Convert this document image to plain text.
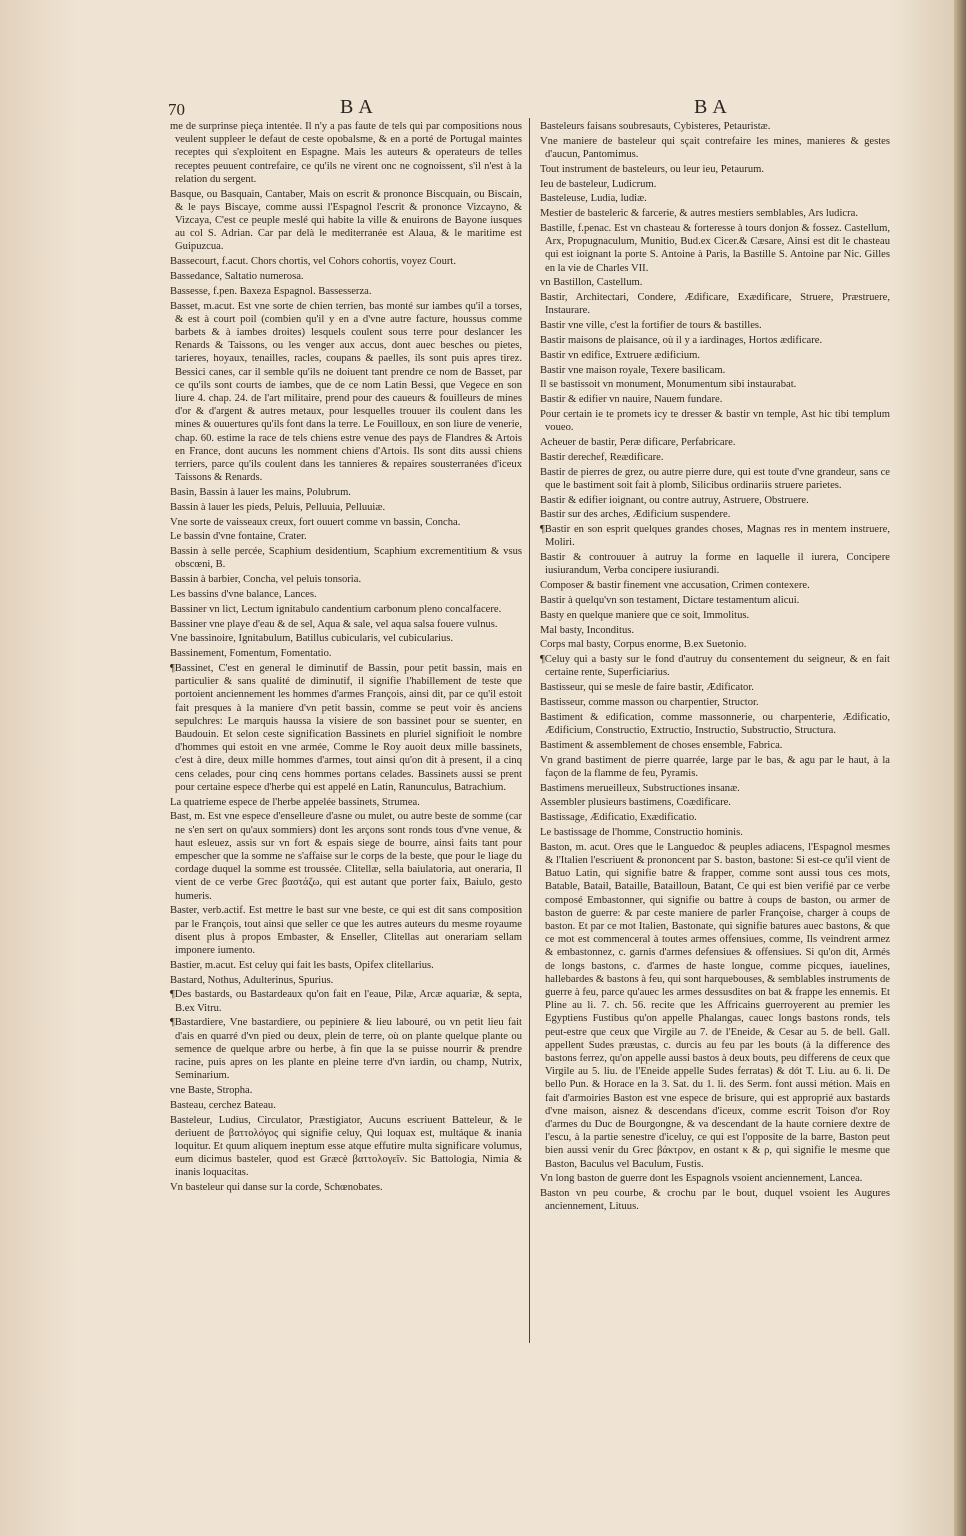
70	BA	BA

me de surprinse pieça intentée. Il n'y a pas faute de tels qui par compositions nous veulent suppleer le defaut de ceste opobalsme, & en a porté de Portugal maintes receptes qui s'exploitent en Espagne. Mais les auteurs & operateurs de telles receptes peuuent contrefaire, ce qu'ils ne virent onc ne cognoissent, s'il n'est à la relation du sergent.

Basque, ou Basquain, Cantaber, Mais on escrit & prononce Biscquain, ou Biscain, & le pays Biscaye, comme aussi l'Espagnol l'escrit & prononce Vizcayno, & Vizcaya, C'est ce peuple meslé qui habite la ville & enuirons de Bayone iusques au col S. Adrian. Car par delà le mediterranée est Alaua, & le maritime est Guipuzcua.

Bassecourt, f.acut. Chors chortis, vel Cohors cohortis, voyez Court.

Bassedance, Saltatio numerosa.

Bassesse, f.pen. Baxeza Espagnol. Bassesserza.

Basset, m.acut. Est vne sorte de chien terrien, bas monté sur iambes qu'il a torses, & est à court poil (combien qu'il y en a d'vne autre facture, houssus comme barbets & à iambes droites) lesquels coulent sous terre pour deslancer les Renards & Taissons, ou les venger aux accus, dont auec besches ou pietes, tarieres, hoyaux, tenailles, racles, coupans & paelles, ils sont puis apres tirez. Bessici canes, car il semble qu'ils ne doiuent tant prendre ce nom de Basset, par ce qu'ils sont courts de iambes, que de ce nom Latin Bessi, que Vegece en son liure 4. chap. 24. de l'art militaire, prend pour des caueurs & fouilleurs de mines d'or & d'argent & autres metaux, pour lesquelles trouuer ils coulent dans les mines & ouuertures qu'ils font dans la terre. Le Fouilloux, en son liure de venerie, chap. 60. estime la race de tels chiens estre venue des pays de Flandres & Artois en France, dont aucuns les nomment chiens d'Artois. Ils sont dits aussi chiens terriers, parce qu'ils coulent dans les tannieres & repaires sousterranées d'iceux Taissons & Renards.

Basin, Bassin à lauer les mains, Polubrum.

Bassin à lauer les pieds, Peluis, Pelluuia, Pelluuiæ.

Vne sorte de vaisseaux creux, fort ouuert comme vn bassin, Concha.

Le bassin d'vne fontaine, Crater.

Bassin à selle percée, Scaphium desidentium, Scaphium excrementitium & vsus obscœni, B.

Bassin à barbier, Concha, vel peluis tonsoria.

Les bassins d'vne balance, Lances.

Bassiner vn lict, Lectum ignitabulo candentium carbonum pleno concalfacere.

Bassiner vne playe d'eau & de sel, Aqua & sale, vel aqua salsa fouere vulnus.

Vne bassinoire, Ignitabulum, Batillus cubicularis, vel cubicularius.

Bassinement, Fomentum, Fomentatio.

¶Bassinet, C'est en general le diminutif de Bassin, pour petit bassin, mais en particulier & sans qualité de diminutif, il signifie l'habillement de teste que portoient anciennement les hommes d'armes François, ainsi dit, par ce qu'il estoit fait presques à la maniere d'vn petit bassin, comme se peut voir ès anciens sepulchres: Le marquis haussa la visiere de son bassinet pour se suenter, en Baudouin. Et selon ceste signification Bassinets en pluriel signifioit le nombre d'hommes qui estoit en vne armée, Comme le Roy auoit deux mille bassinets, c'est à dire, deux mille hommes d'armes, tout ainsi qu'on dit à present, il a cinq cens celades, pour cinq cens hommes portans celades. Bassinets aussi se prent pour certaine espece d'herbe qui est appelé en Latin, Ranunculus, Batrachium.

La quatrieme espece de l'herbe appelée bassinets, Strumea.

Bast, m. Est vne espece d'enselleure d'asne ou mulet, ou autre beste de somme (car ne s'en sert on qu'aux sommiers) dont les arçons sont ronds tous d'vne venue, & haut esleuez, assis sur vn fort & espais siege de bourre, ainsi faits tant pour empescher que la somme ne s'affaise sur le corps de la beste, que pour le liage du cordage duquel la somme est troussée. Clitellæ, sella baiulatoria, aut oneraria, Il vient de ce verbe Grec βαστάζω, qui est autant que porter faix, Baiulo, gesto humeris.

Baster, verb.actif. Est mettre le bast sur vne beste, ce qui est dit sans composition par le François, tout ainsi que seller ce que les autres auteurs du mesme royaume disent plus à propos Embaster, & Enseller, Clitellas aut onerariam sellam imponere iumento.

Bastier, m.acut. Est celuy qui fait les basts, Opifex clitellarius.

Bastard, Nothus, Adulterinus, Spurius.

¶Des bastards, ou Bastardeaux qu'on fait en l'eaue, Pilæ, Arcæ aquariæ, & septa, B.ex Vitru.

¶Bastardiere, Vne bastardiere, ou pepiniere & lieu labouré, ou vn petit lieu fait d'ais en quarré d'vn pied ou deux, plein de terre, où on plante quelque plante ou semence de quelque arbre ou herbe, à fin que la se puisse nourrir & prendre racine, puis apres on les plante en pleine terre d'vn iardin, ou champ, Nutrix, Seminarium.

vne Baste, Stropha.

Basteau, cerchez Bateau.

Basteleur, Ludius, Circulator, Præstigiator, Aucuns escriuent Batteleur, & le deriuent de βαττολόγος qui signifie celuy, Qui loquax est, multáque & inania loquitur. Et quum aliquem ineptum esse atque effutire multa significare volumus, eum dicimus basteler, quod est Græcè βαττολογεῖν. Sic Battologia, Nimia & inanis loquacitas.

Vn basteleur qui danse sur la corde, Schœnobates.

Basteleurs faisans soubresauts, Cybisteres, Petauristæ.

Vne maniere de basteleur qui sçait contrefaire les mines, manieres & gestes d'aucun, Pantomimus.

Tout instrument de basteleurs, ou leur ieu, Petaurum.

Ieu de basteleur, Ludicrum.

Basteleuse, Ludia, ludiæ.

Mestier de basteleric & farcerie, & autres mestiers semblables, Ars ludicra.

Bastille, f.penac. Est vn chasteau & forteresse à tours donjon & fossez. Castellum, Arx, Propugnaculum, Munitio, Bud.ex Cicer.& Cæsare, Ainsi est dit le chasteau qui est ioignant la porte S. Antoine à Paris, la Bastille S. Antoine par Nic. Gilles en la vie de Charles VII.

vn Bastillon, Castellum.

Bastir, Architectari, Condere, Ædificare, Exædificare, Struere, Præstruere, Instaurare.

Bastir vne ville, c'est la fortifier de tours & bastilles.

Bastir maisons de plaisance, où il y a iardinages, Hortos ædificare.

Bastir vn edifice, Extruere ædificium.

Bastir vne maison royale, Texere basilicam.

Il se bastissoit vn monument, Monumentum sibi instaurabat.

Bastir & edifier vn nauire, Nauem fundare.

Pour certain ie te promets icy te dresser & bastir vn temple, Ast hic tibi templum voueo.

Acheuer de bastir, Peræ dificare, Perfabricare.

Bastir derechef, Reædificare.

Bastir de pierres de grez, ou autre pierre dure, qui est toute d'vne grandeur, sans ce que le bastiment soit fait à plomb, Silicibus ordinariis struere parietes.

Bastir & edifier ioignant, ou contre autruy, Astruere, Obstruere.

Bastir sur des arches, Ædificium suspendere.

¶Bastir en son esprit quelques grandes choses, Magnas res in mentem instruere, Moliri.

Bastir & controuuer à autruy la forme en laquelle il iurera, Concipere iusiurandum, Verba concipere iusiurandi.

Composer & bastir finement vne accusation, Crimen contexere.

Bastir à quelqu'vn son testament, Dictare testamentum alicui.

Basty en quelque maniere que ce soit, Immolitus.

Mal basty, Inconditus.

Corps mal basty, Corpus enorme, B.ex Suetonio.

¶Celuy qui a basty sur le fond d'autruy du consentement du seigneur, & en fait certaine rente, Superficiarius.

Bastisseur, qui se mesle de faire bastir, Ædificator.

Bastisseur, comme masson ou charpentier, Structor.

Bastiment & edification, comme massonnerie, ou charpenterie, Ædificatio, Ædificium, Constructio, Extructio, Instructio, Substructio, Structura.

Bastiment & assemblement de choses ensemble, Fabrica.

Vn grand bastiment de pierre quarrée, large par le bas, & agu par le haut, à la façon de la flamme de feu, Pyramis.

Bastimens merueilleux, Substructiones insanæ.

Assembler plusieurs bastimens, Coædificare.

Bastissage, Ædificatio, Exædificatio.

Le bastissage de l'homme, Constructio hominis.

Baston, m. acut. Ores que le Languedoc & peuples adiacens, l'Espagnol mesmes & l'Italien l'escriuent & prononcent par S. baston, bastone: Si est-ce qu'il vient de Batuo Latin, qui signifie batre & frapper, comme sont aussi tous ces mots, Batable, Batail, Bataille, Batailloun, Batant, Ce qui est bien verifié par ce verbe composé Embastonner, qui signifie ou battre à coups de baston, ou armer de baston de guerre: & par ceste maniere de parler Françoise, charger à coups de baston. Et par ce mot Italien, Bastonate, qui signifie batures auec bastons, & que ce mot est commenceral à toutes armes offensiues, comme, Ils veindrent armez & embastonnez, c. garnis d'armes defensiues & offensiues. Si qu'on dit, Armés de longs bastons, c. d'armes de haste longue, comme picques, iauelines, hallebardes & bastons à feu, qui sont harquebouses, & semblables instruments de guerre à feu, parce qu'auec les armes dessusdites on bat & frappe les ennemis. Et Pline au li. 7. ch. 56. recite que les Affricains guerroyerent au premier les Egyptiens Fustibus qu'on appelle Phalangas, cauec longs bastons ronds, tels peut-estre que ceux que Virgile au 7. de l'Eneide, & Cesar au 5. de bell. Gall. appellent Sudes præustas, c. durcis au feu par les bouts (à la difference des bastons ferrez, qu'on appelle aussi bastos à deux bouts, peu differens de ceux que Virgile au 5. liu. de l'Eneide appelle Sudes ferratas) & dót T. Liu. au 6. li. De bello Pun. & Horace en la 3. Sat. du 1. li. des Serm. font aussi métion. Mais en fait d'armoiries Baston est vne espece de brisure, qui est approprié aux bastards d'vne maison, aisnez & descendans d'iceux, comme escrit Toison d'or Roy d'armes du Duc de Bourgongne, & va descendant de la haute corniere dextre de l'escu, à la partie senestre d'iceluy, ce qui est l'opposite de la barre, Baston peut bien aussi venir du Grec βάκτρον, en ostant κ & ρ, qui signifie le mesme que Baston, Baculus vel Baculum, Fustis.

Vn long baston de guerre dont les Espagnols vsoient anciennement, Lancea.

Baston vn peu courbe, & crochu par le bout, duquel vsoient les Augures anciennement, Lituus.
